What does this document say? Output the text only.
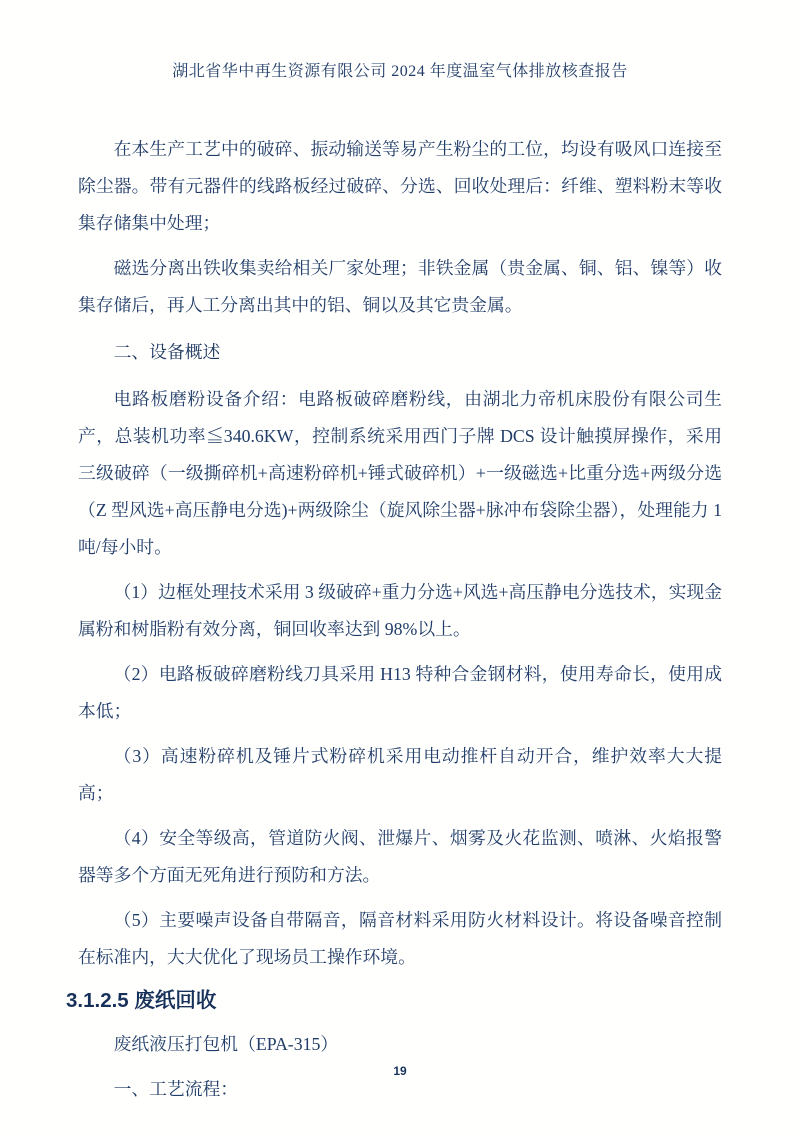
湖北省华中再生资源有限公司 2024 年度温室气体排放核查报告

在本生产工艺中的破碎、振动输送等易产生粉尘的工位，均设有吸风口连接至除尘器。带有元器件的线路板经过破碎、分选、回收处理后：纤维、塑料粉末等收集存储集中处理；

磁选分离出铁收集卖给相关厂家处理；非铁金属（贵金属、铜、铝、镍等）收集存储后，再人工分离出其中的铝、铜以及其它贵金属。

二、设备概述

电路板磨粉设备介绍：电路板破碎磨粉线，由湖北力帝机床股份有限公司生产，总装机功率≦340.6KW，控制系统采用西门子牌 DCS 设计触摸屏操作，采用三级破碎（一级撕碎机+高速粉碎机+锤式破碎机）+一级磁选+比重分选+两级分选（Z 型风选+高压静电分选)+两级除尘（旋风除尘器+脉冲布袋除尘器），处理能力 1 吨/每小时。

（1）边框处理技术采用 3 级破碎+重力分选+风选+高压静电分选技术，实现金属粉和树脂粉有效分离，铜回收率达到 98%以上。

（2）电路板破碎磨粉线刀具采用 H13 特种合金钢材料，使用寿命长，使用成本低；

（3）高速粉碎机及锤片式粉碎机采用电动推杆自动开合，维护效率大大提高；

（4）安全等级高，管道防火阀、泄爆片、烟雾及火花监测、喷淋、火焰报警器等多个方面无死角进行预防和方法。

（5）主要噪声设备自带隔音，隔音材料采用防火材料设计。将设备噪音控制在标准内，大大优化了现场员工操作环境。

3.1.2.5 废纸回收

废纸液压打包机（EPA-315）

一、工艺流程：

19
